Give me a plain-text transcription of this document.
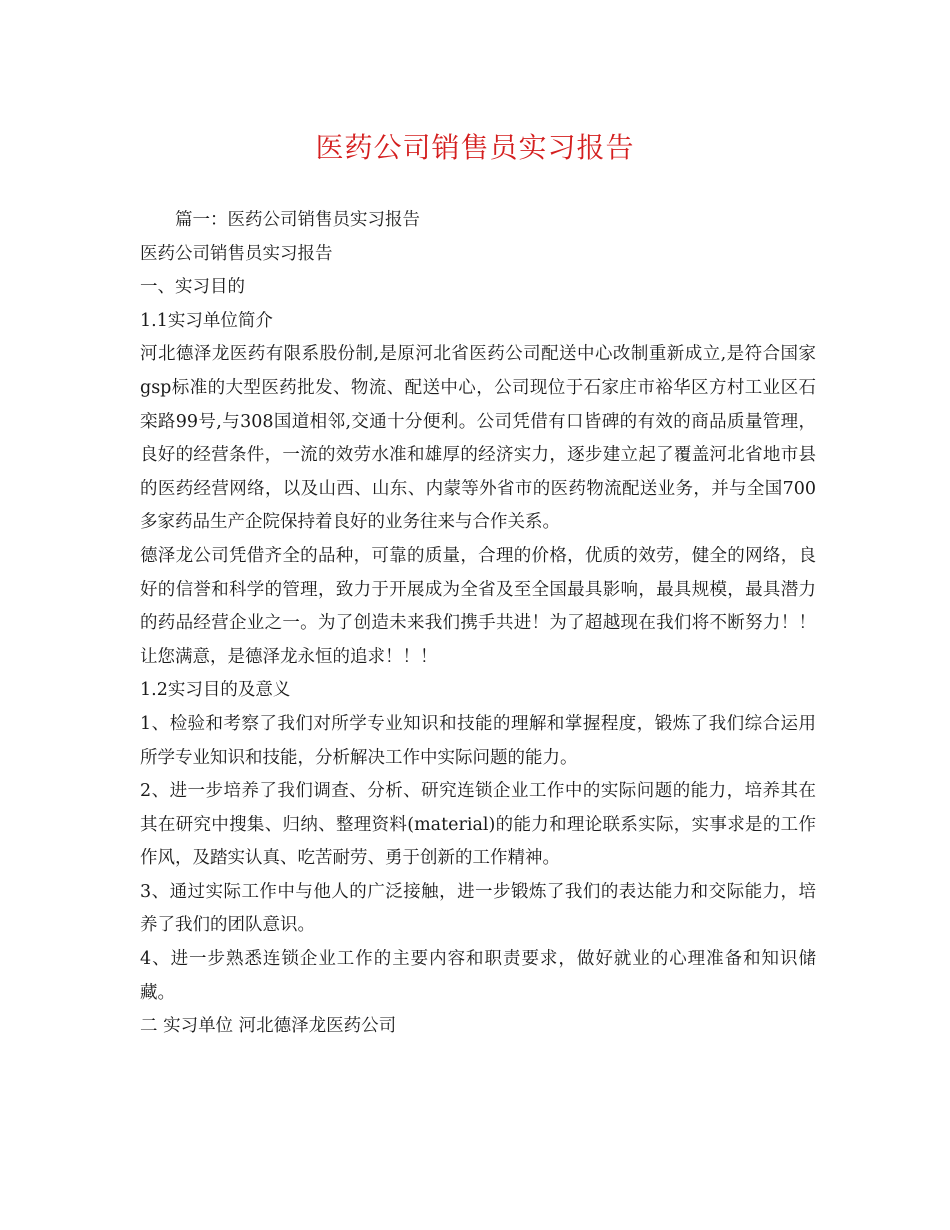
医药公司销售员实习报告
篇一：医药公司销售员实习报告
医药公司销售员实习报告
一、实习目的
1.1实习单位简介
河北德泽龙医药有限系股份制,是原河北省医药公司配送中心改制重新成立,是符合国家gsp标准的大型医药批发、物流、配送中心，公司现位于石家庄市裕华区方村工业区石栾路99号,与308国道相邻,交通十分便利。公司凭借有口皆碑的有效的商品质量管理，良好的经营条件，一流的效劳水准和雄厚的经济实力，逐步建立起了覆盖河北省地市县的医药经营网络，以及山西、山东、内蒙等外省市的医药物流配送业务，并与全国700多家药品生产企院保持着良好的业务往来与合作关系。
德泽龙公司凭借齐全的品种，可靠的质量，合理的价格，优质的效劳，健全的网络，良好的信誉和科学的管理，致力于开展成为全省及至全国最具影响，最具规模，最具潜力的药品经营企业之一。为了创造未来我们携手共进！为了超越现在我们将不断努力！！让您满意，是德泽龙永恒的追求！！！
1.2实习目的及意义
1、检验和考察了我们对所学专业知识和技能的理解和掌握程度，锻炼了我们综合运用所学专业知识和技能，分析解决工作中实际问题的能力。
2、进一步培养了我们调查、分析、研究连锁企业工作中的实际问题的能力，培养其在其在研究中搜集、归纳、整理资料(material)的能力和理论联系实际，实事求是的工作作风，及踏实认真、吃苦耐劳、勇于创新的工作精神。
3、通过实际工作中与他人的广泛接触，进一步锻炼了我们的表达能力和交际能力，培养了我们的团队意识。
4、进一步熟悉连锁企业工作的主要内容和职责要求，做好就业的心理准备和知识储藏。
二 实习单位 河北德泽龙医药公司
